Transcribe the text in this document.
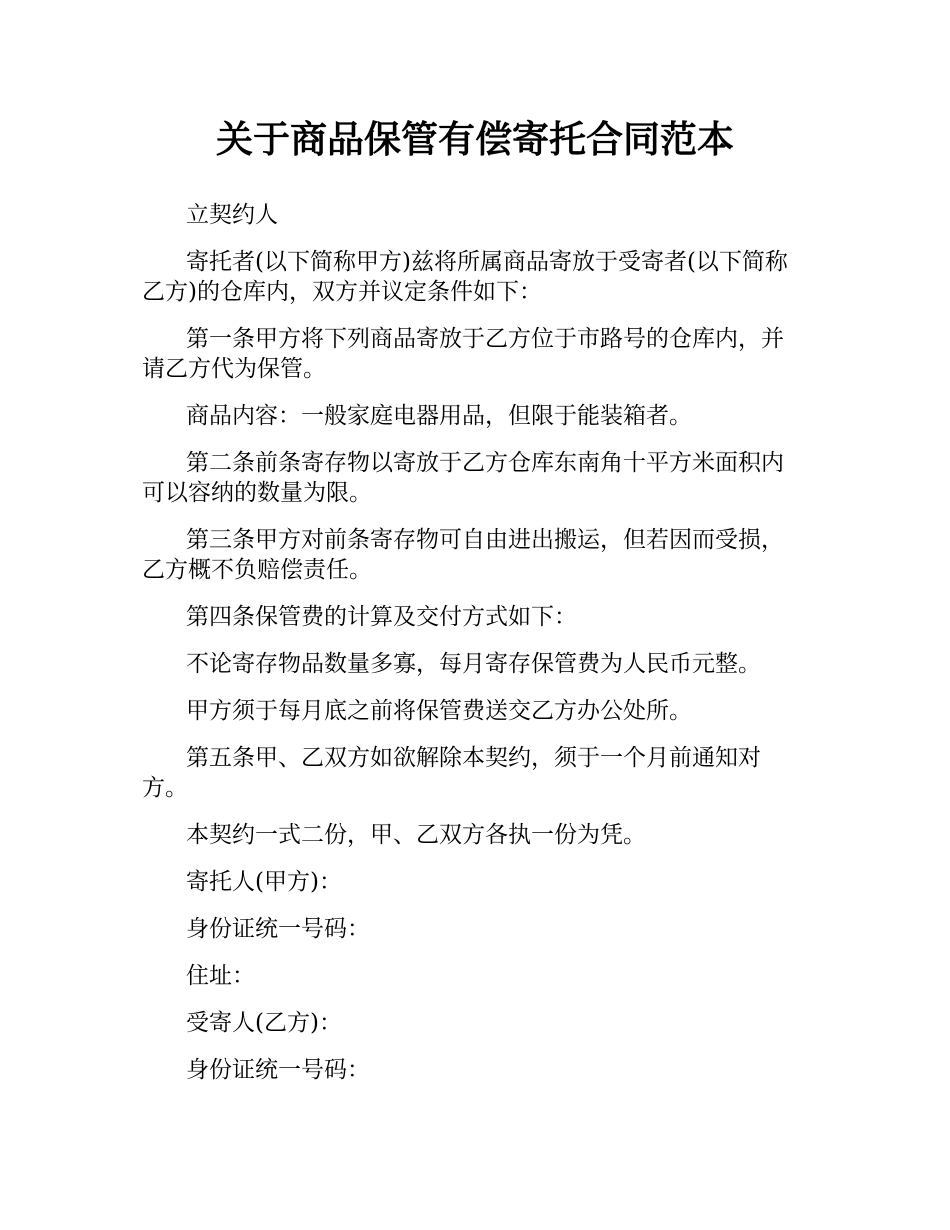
关于商品保管有偿寄托合同范本

立契约人

寄托者(以下简称甲方)兹将所属商品寄放于受寄者(以下简称乙方)的仓库内，双方并议定条件如下：

第一条甲方将下列商品寄放于乙方位于市路号的仓库内，并请乙方代为保管。

商品内容：一般家庭电器用品，但限于能装箱者。

第二条前条寄存物以寄放于乙方仓库东南角十平方米面积内可以容纳的数量为限。

第三条甲方对前条寄存物可自由进出搬运，但若因而受损，乙方概不负赔偿责任。

第四条保管费的计算及交付方式如下：

不论寄存物品数量多寡，每月寄存保管费为人民币元整。

甲方须于每月底之前将保管费送交乙方办公处所。

第五条甲、乙双方如欲解除本契约，须于一个月前通知对方。

本契约一式二份，甲、乙双方各执一份为凭。

寄托人(甲方)：

身份证统一号码：

住址：

受寄人(乙方)：

身份证统一号码：
